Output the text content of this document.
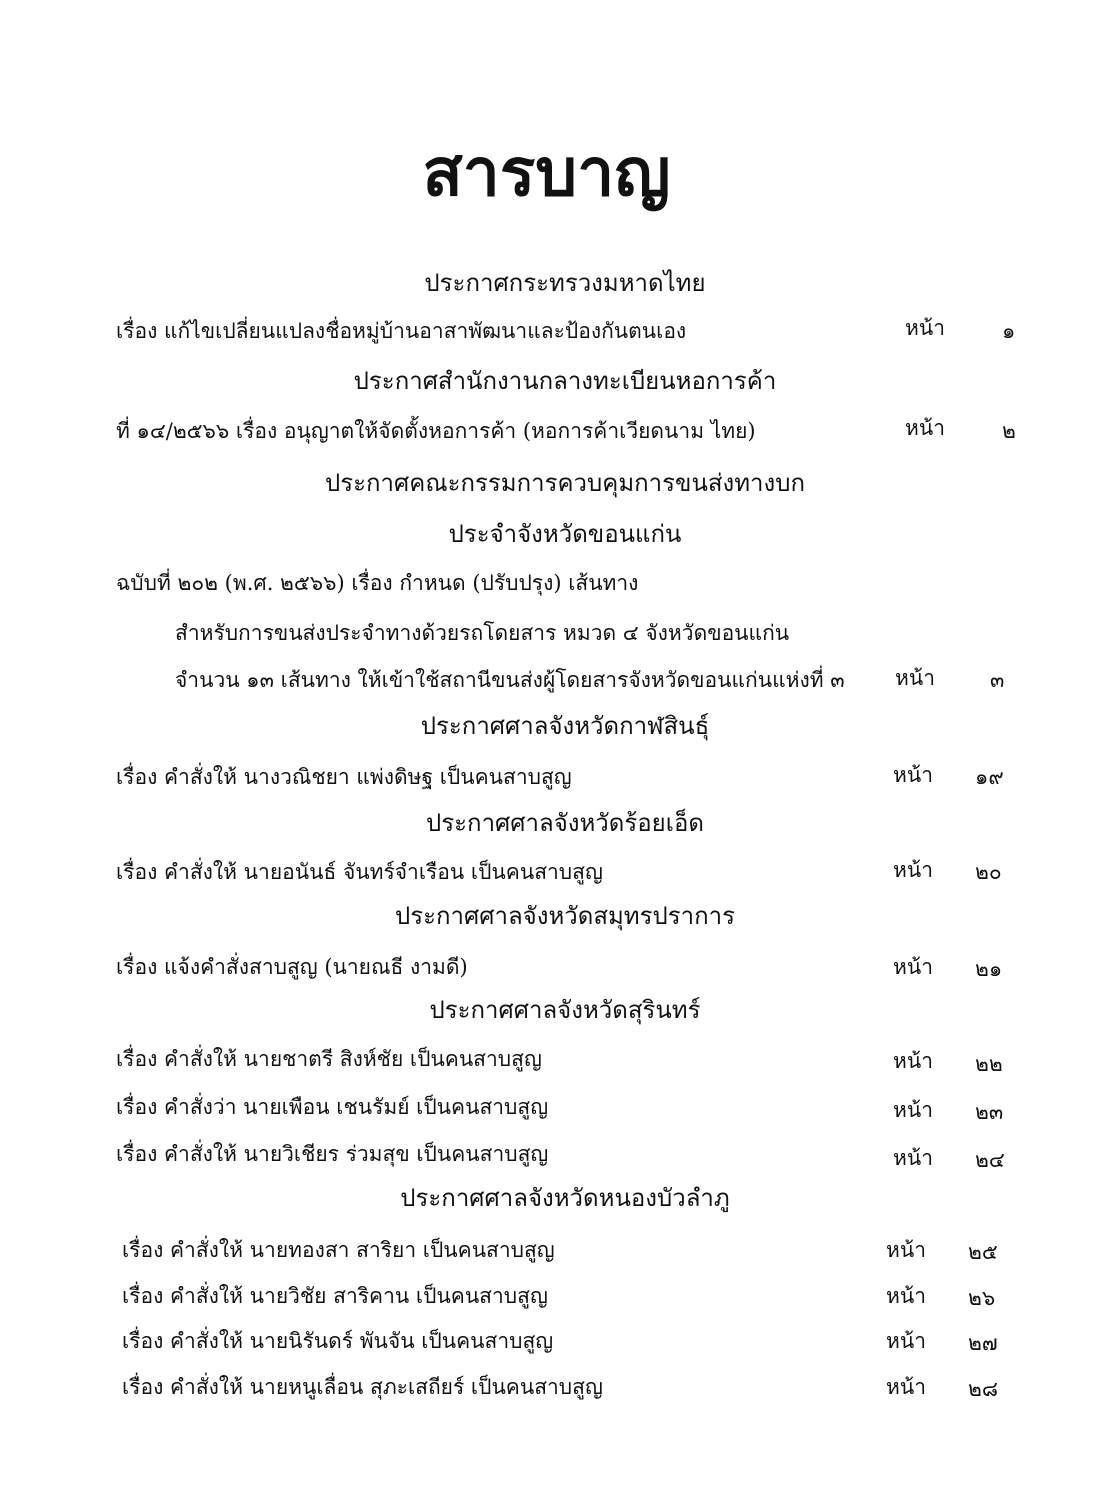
สารบาญ
ประกาศกระทรวงมหาดไทย
เรื่อง แก้ไขเปลี่ยนแปลงชื่อหมู่บ้านอาสาพัฒนาและป้องกันตนเอง	หน้า	๑
ประกาศสำนักงานกลางทะเบียนหอการค้า
ที่ ๑๔/๒๕๖๖ เรื่อง อนุญาตให้จัดตั้งหอการค้า (หอการค้าเวียดนาม ไทย)	หน้า	๒
ประกาศคณะกรรมการควบคุมการขนส่งทางบก
ประจำจังหวัดขอนแก่น
ฉบับที่ ๒๐๒ (พ.ศ. ๒๕๖๖) เรื่อง กำหนด (ปรับปรุง) เส้นทาง
สำหรับการขนส่งประจำทางด้วยรถโดยสาร หมวด ๔ จังหวัดขอนแก่น
จำนวน ๑๓ เส้นทาง ให้เข้าใช้สถานีขนส่งผู้โดยสารจังหวัดขอนแก่นแห่งที่ ๓ หน้า	๓
ประกาศศาลจังหวัดกาฬสินธุ์
เรื่อง คำสั่งให้ นางวณิชยา แพ่งดิษฐ เป็นคนสาบสูญ	หน้า ๑๙
ประกาศศาลจังหวัดร้อยเอ็ด
เรื่อง คำสั่งให้ นายอนันธ์ จันทร์จำเรือน เป็นคนสาบสูญ	หน้า ๒๐
ประกาศศาลจังหวัดสมุทรปราการ
เรื่อง แจ้งคำสั่งสาบสูญ (นายณธี งามดี)	หน้า ๒๑
ประกาศศาลจังหวัดสุรินทร์
เรื่อง คำสั่งให้ นายชาตรี สิงห์ชัย เป็นคนสาบสูญ	หน้า ๒๒
เรื่อง คำสั่งว่า นายเพือน เชนรัมย์ เป็นคนสาบสูญ	หน้า ๒๓
เรื่อง คำสั่งให้ นายวิเชียร ร่วมสุข เป็นคนสาบสูญ	หน้า ๒๔
ประกาศศาลจังหวัดหนองบัวลำภู
เรื่อง คำสั่งให้ นายทองสา สาริยา เป็นคนสาบสูญ	หน้า ๒๕
เรื่อง คำสั่งให้ นายวิชัย สาริคาน เป็นคนสาบสูญ	หน้า ๒๖
เรื่อง คำสั่งให้ นายนิรันดร์ พันจัน เป็นคนสาบสูญ	หน้า ๒๗
เรื่อง คำสั่งให้ นายหนูเลื่อน สุภะเสถียร์ เป็นคนสาบสูญ	หน้า ๒๘
